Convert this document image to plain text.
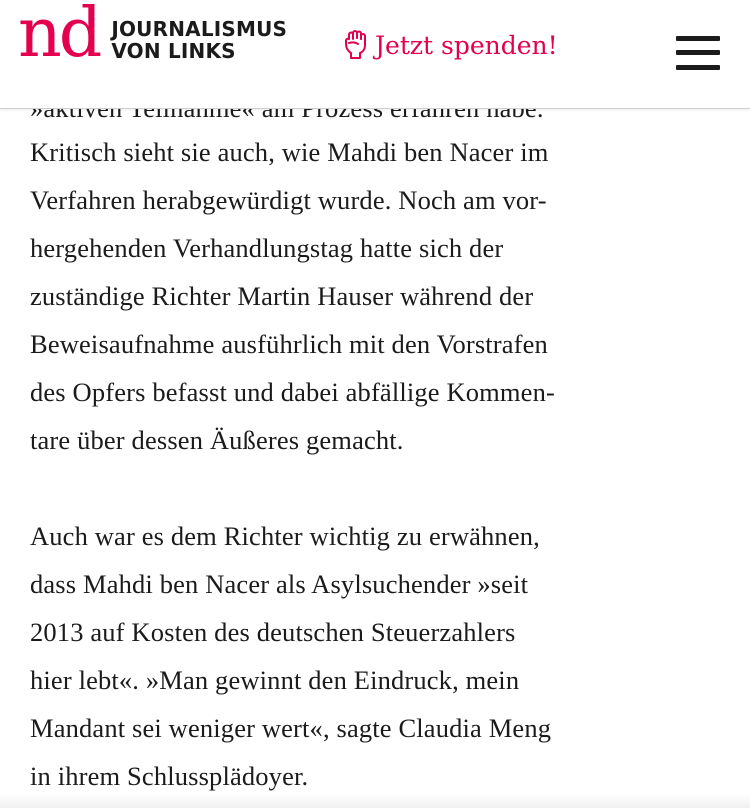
nd JOURNALISMUS
VON LINKS	Jetzt spenden!

Kritisch sieht sie auch, wie Mahdi ben Nacer im
Verfahren herabgewürdigt wurde. Noch am vor-
hergehenden Verhandlungstag hatte sich der
zuständige Richter Martin Hauser während der
Beweisaufnahme ausführlich mit den Vorstrafen
des Opfers befasst und dabei abfällige Kommen-
tare über dessen Äußeres gemacht.

Auch war es dem Richter wichtig zu erwähnen,
dass Mahdi ben Nacer als Asylsuchender »seit
2013 auf Kosten des deutschen Steuerzahlers
hier lebt«. »Man gewinnt den Eindruck, mein
Mandant sei weniger wert«, sagte Claudia Meng
in ihrem Schlussplädoyer.
